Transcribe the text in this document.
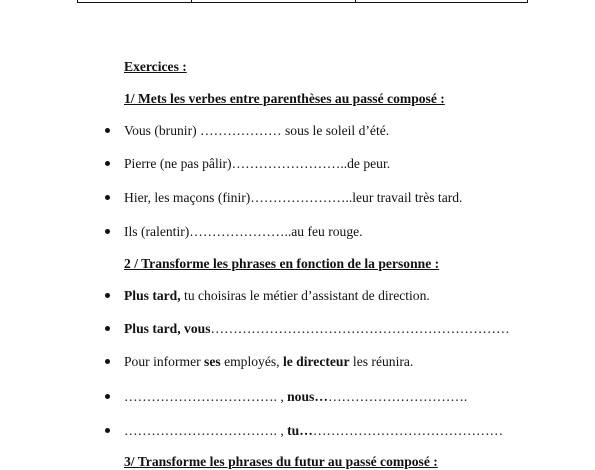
Exercices :

1/ Mets les verbes entre parenthèses au passé composé :

Vous (brunir) ……………… sous le soleil d’été.

Pierre (ne pas pâlir)……………………..de peur.

Hier, les maçons (finir)…………………..leur travail très tard.

Ils (ralentir)…………………..au feu rouge.

2 / Transforme les phrases en fonction de la personne :

Plus tard, tu choisiras le métier d’assistant de direction.

Plus tard, vous…………………………………………………………

Pour informer ses employés, le directeur les réunira.

……………………………. , nous…………………………….

……………………………. , tu………………………………………

3/ Transforme les phrases du futur au passé composé :
